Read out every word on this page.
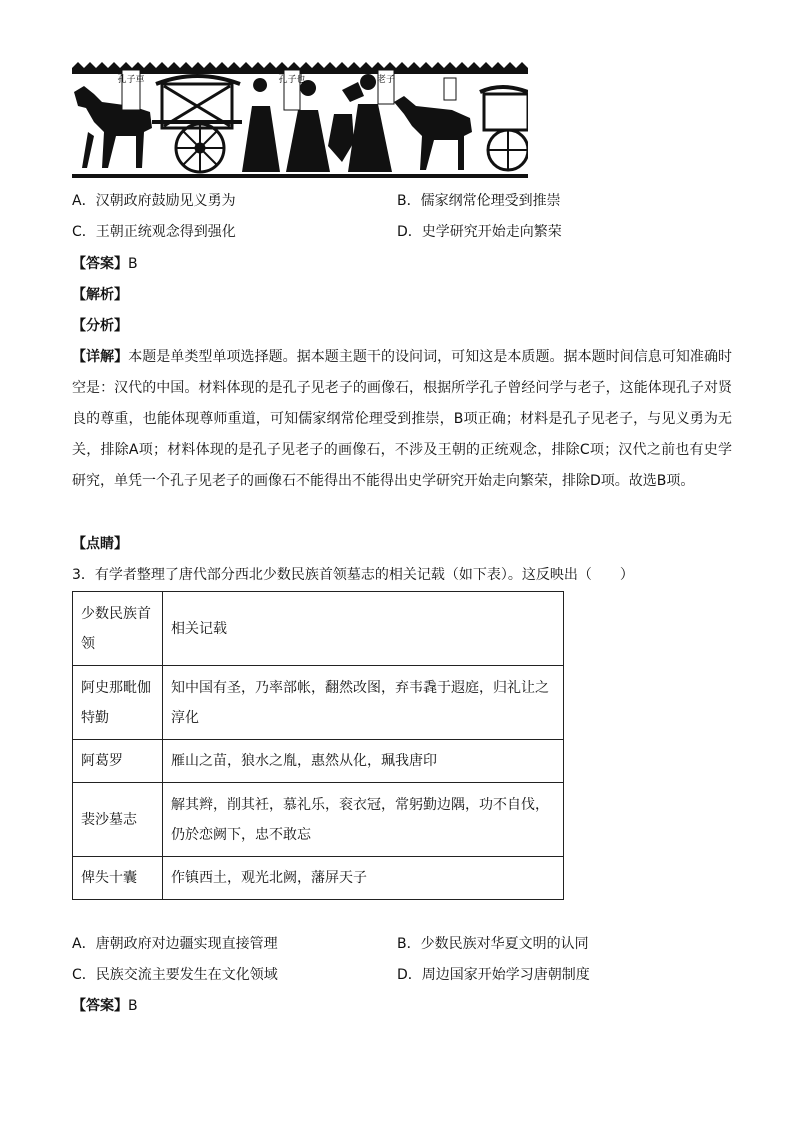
孔子車	孔子也	老子
A．汉朝政府鼓励见义勇为	B．儒家纲常伦理受到推崇
C．王朝正统观念得到强化	D．史学研究开始走向繁荣
【答案】B
【解析】
【分析】
【详解】本题是单类型单项选择题。据本题主题干的设问词，可知这是本质题。据本题时间信息可知准确时空是：汉代的中国。材料体现的是孔子见老子的画像石，根据所学孔子曾经问学与老子，这能体现孔子对贤良的尊重，也能体现尊师重道，可知儒家纲常伦理受到推崇，B项正确；材料是孔子见老子，与见义勇为无关，排除A项；材料体现的是孔子见老子的画像石，不涉及王朝的正统观念，排除C项；汉代之前也有史学研究，单凭一个孔子见老子的画像石不能得出不能得出史学研究开始走向繁荣，排除D项。故选B项。
【点睛】
3．有学者整理了唐代部分西北少数民族首领墓志的相关记载（如下表）。这反映出（　　）
少数民族首领	相关记载
阿史那毗伽特勤	知中国有圣，乃率部帐，翻然改图，弃韦毳于遐庭，归礼让之淳化
阿葛罗	雁山之苗，狼水之胤，惠然从化，珮我唐印
裴沙墓志	解其辫，削其衽，慕礼乐，衮衣冠，常躬勤边隅，功不自伐，仍於恋阙下，忠不敢忘
俾失十囊	作镇西土，观光北阙，藩屏天子
A．唐朝政府对边疆实现直接管理	B．少数民族对华夏文明的认同
C．民族交流主要发生在文化领域	D．周边国家开始学习唐朝制度
【答案】B
